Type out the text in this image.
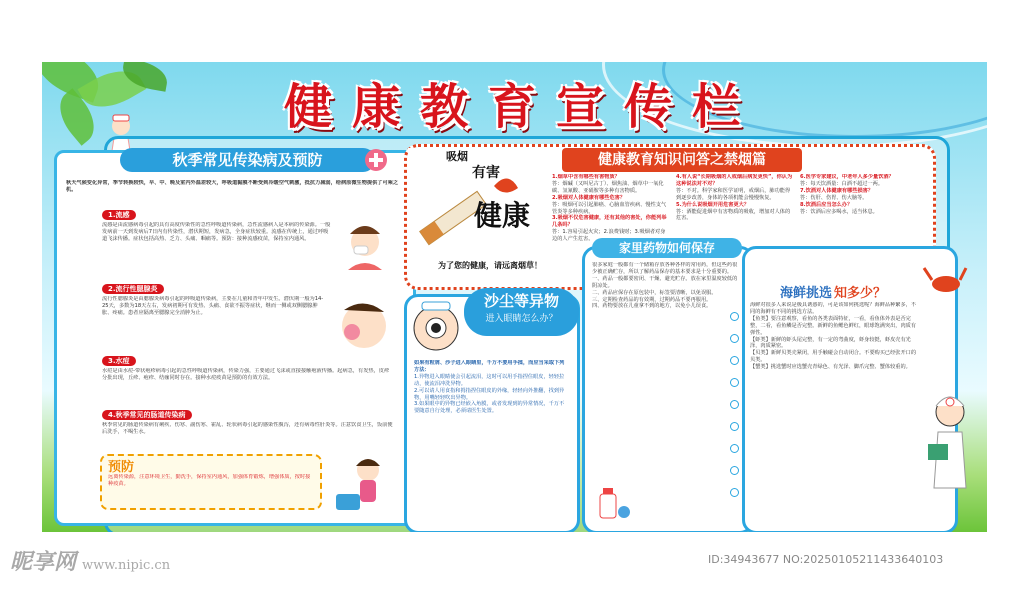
健康教育宣传栏
秋季常见传染病及预防
秋天气候变化异常，季节转换较快，早、中、晚及室内外温差较大，呼吸道黏膜不断受到冷暖空气刺激，抵抗力减弱，给病原微生物提供了可乘之机。
1.流感
流感是由流感病毒引起的具有高度传染性的急性呼吸道传染病，急性流感病人是本病的传染源。一般发病前一天到发病后7日内有传染性，潜伏期短，发病急，全身症状较重。流感在传统上，通过呼吸道飞沫传播。症状包括高热、乏力、头痛、咽痛等。预防：接种流感疫苗，保持室内通风。
2.流行性腮腺炎
流行性腮腺炎是由腮腺炎病毒引起的呼吸道传染病，主要在儿童和青年中发生。潜伏期一般为14-25天，多数为18天左右，发病初期可有发热、头痛、食欲不振等症状，继而一侧或双侧腮腺肿胀、疼痛。患者应隔离至腮腺完全消肿为止。
3.水痘
水痘是由水痘-带状疱疹病毒引起的急性呼吸道传染病，传染力强，主要通过飞沫或直接接触疱液传播。起病急，有发热，皮疹分批出现，丘疹、疱疹、结痂同时存在。接种水痘疫苗是预防的有效方法。
4.秋季常见的肠道传染病
秋季常见的肠道传染病有痢疾、伤寒、副伤寒、霍乱、轮状病毒引起的感染性腹泻，还有病毒性肝炎等。注意饮食卫生，饭前便后洗手，不喝生水。
预防
远离传染源，注意环境卫生，勤洗手，保持室内通风，加强体育锻炼，增强体质，按时接种疫苗。
健康教育知识问答之禁烟篇
吸烟
有害
健康
为了您的健康，请远离烟草！
1.烟草中含有哪些有害物质？
答：烟碱（又叫尼古丁）、烟焦油、烟草中一氧化碳、氢氰酸、亚硝胺等多种有害物质。
2.吸烟对人体健康有哪些危害？
答：吸烟可以引起肺癌、心脑血管疾病、慢性支气管炎等多种疾病。
3.吸烟不仅危害健康，还有其他的害处，你能列举几条吗？
答：1.容易引起火灾；2.浪费钱财；3.吸烟者对身边的人产生危害。
4.有人说“长期吸烟的人戒烟后病发更快”，你认为这种说法对不对？
答：不对。科学家和医学证明，戒烟后，肺功能得到逐步改善，身体的各项机能会慢慢恢复。
5.为什么说吸烟开用危害更大？
答：酒能促进烟中有害物质的吸收，增加对人体的危害。
6.医学专家建议，中老年人多少量饮酒？
答：每天饮酒量：白酒不超过一两。
7.饮酒对人体健康有哪些损害？
答：伤肝、伤胃、伤大脑等。
8.饮酒后应当怎么办？
答：饮酒后应多喝水，适当休息。
沙尘等异物
进入眼睛怎么办？
如果有粒屑、沙子进入眼睛里，千万不要用手揉，而应当采取下列方法：
1.异物进入眼睛使会引起流泪，这时可以用手指捏住眼皮，轻轻拉动，使流泪冲洗异物。
2.可以请人用食指和拇指捏住眼皮的外缘，轻轻向外推翻，找到异物，用嘴轻轻吹出异物。
3.如果眼中的异物已经嵌入角膜，或者发现到的异常情况，千万不要随意自行处理，必须请医生处置。
家里药物如何保存
很多家庭一般都有一个储箱存放各种各样的常用药，但这些药很少被正确贮存，所以了解药品保存的基本要求是十分重要的。
一、药品一般都要密闭、干燥、避光贮存。放在家里温度较低的阴凉处。
二、药品应保存在原包装中，标签要清晰，以免误服。
三、定期检查药品的有效期，过期药品不要再服用。
四、药物要放在儿童拿不到的地方，以免小儿误食。
海鲜挑选 知多少？
海鲜对很多人来说是极具诱惑的，可是该如何挑选呢？海鲜品种繁多，不同的海鲜有不同的挑选方法。
【鱼类】要注意观察，看鱼的各类表面特征，一看，看鱼体外表是否完整，二看，看鱼鳞是否完整。新鲜的鱼鳃色鲜红，眼球饱满突出，肉质有弹性。
【虾类】新鲜的虾头尾完整，有一定的弯曲度，虾身较挺，虾皮壳有光泽，肉质紧密。
【贝类】新鲜贝类壳紧闭，用手触碰会自动闭合。不要购买已经张开口的贝类。
【蟹类】挑选蟹时应选蟹壳青绿色、有光泽、脚爪完整、蟹体较重的。
昵享网 www.nipic.cn	ID:34943677 NO:20250105211433640103
